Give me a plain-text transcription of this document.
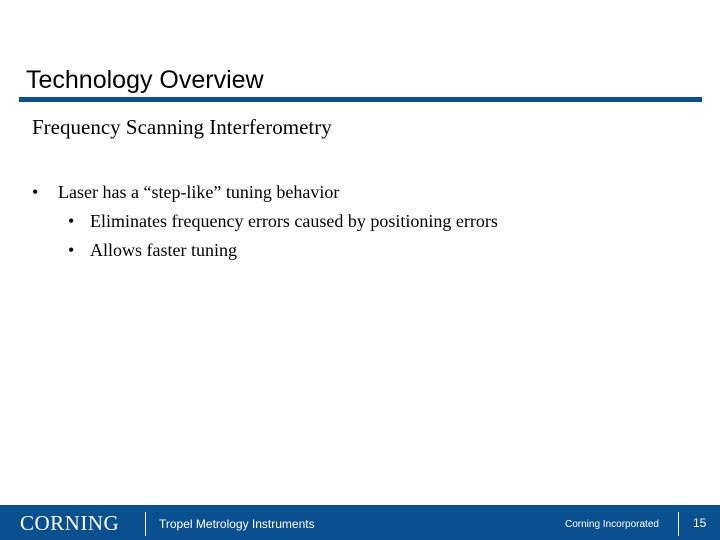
Technology Overview
Frequency Scanning Interferometry
• Laser has a “step-like” tuning behavior
• Eliminates frequency errors caused by positioning errors
• Allows faster tuning
CORNING	Tropel Metrology Instruments	Corning Incorporated	15
